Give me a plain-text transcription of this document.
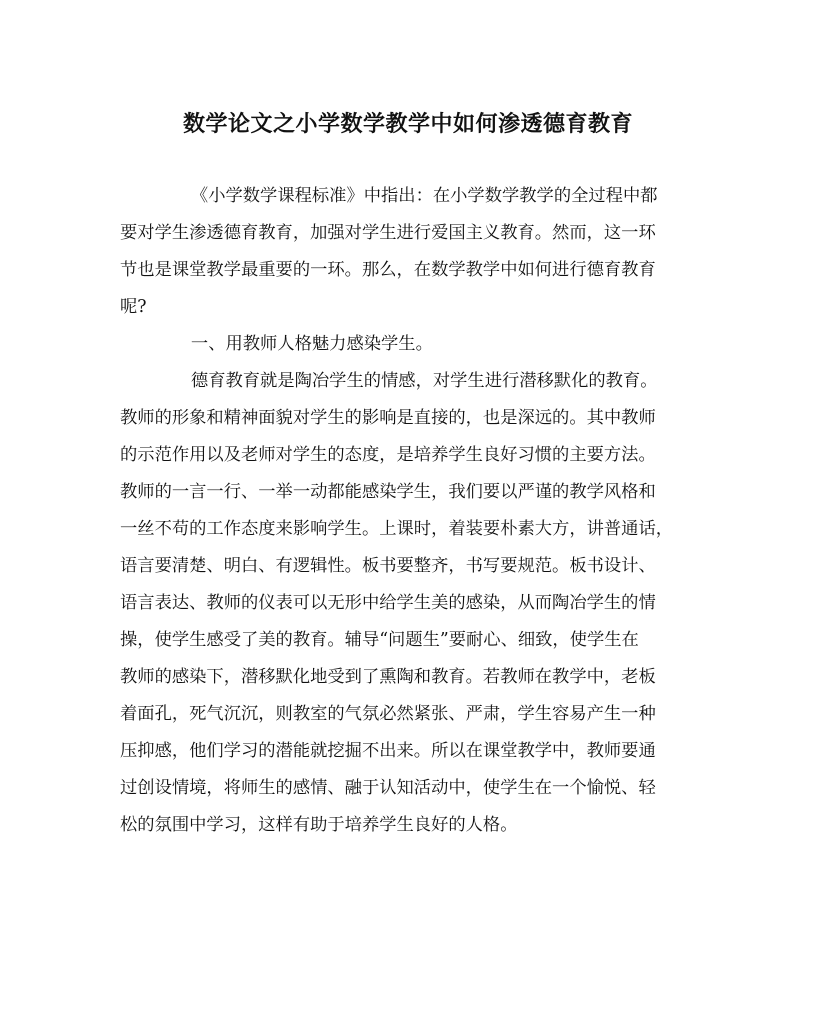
数学论文之小学数学教学中如何渗透德育教育
《小学数学课程标准》中指出：在小学数学教学的全过程中都
要对学生渗透德育教育，加强对学生进行爱国主义教育。然而，这一环
节也是课堂教学最重要的一环。那么，在数学教学中如何进行德育教育
呢?
一、用教师人格魅力感染学生。
德育教育就是陶冶学生的情感，对学生进行潜移默化的教育。
教师的形象和精神面貌对学生的影响是直接的，也是深远的。其中教师
的示范作用以及老师对学生的态度，是培养学生良好习惯的主要方法。
教师的一言一行、一举一动都能感染学生，我们要以严谨的教学风格和
一丝不苟的工作态度来影响学生。上课时，着装要朴素大方，讲普通话，
语言要清楚、明白、有逻辑性。板书要整齐，书写要规范。板书设计、
语言表达、教师的仪表可以无形中给学生美的感染，从而陶冶学生的情
操，使学生感受了美的教育。辅导“问题生”要耐心、细致，使学生在
教师的感染下，潜移默化地受到了熏陶和教育。若教师在教学中，老板
着面孔，死气沉沉，则教室的气氛必然紧张、严肃，学生容易产生一种
压抑感，他们学习的潜能就挖掘不出来。所以在课堂教学中，教师要通
过创设情境，将师生的感情、融于认知活动中，使学生在一个愉悦、轻
松的氛围中学习，这样有助于培养学生良好的人格。
